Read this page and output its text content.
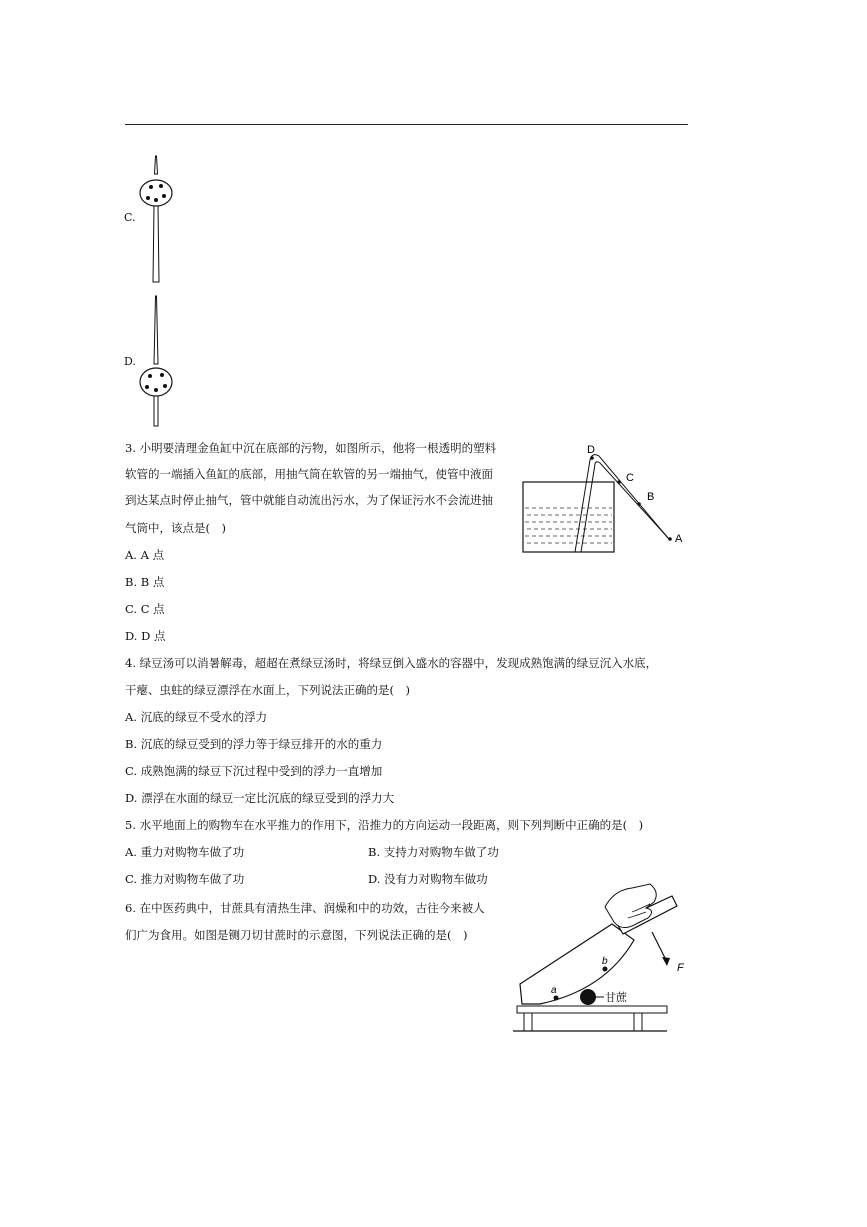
C.
D.
3. 小明要清理金鱼缸中沉在底部的污物，如图所示，他将一根透明的塑料
软管的一端插入鱼缸的底部，用抽气筒在软管的另一端抽气，使管中液面
到达某点时停止抽气，管中就能自动流出污水，为了保证污水不会流进抽
气筒中，该点是(　)
A. A 点
B. B 点
C. C 点
D. D 点
D
C
B
A
4. 绿豆汤可以消暑解毒，超超在煮绿豆汤时，将绿豆倒入盛水的容器中，发现成熟饱满的绿豆沉入水底，
干瘪、虫蛀的绿豆漂浮在水面上，下列说法正确的是(　)
A. 沉底的绿豆不受水的浮力
B. 沉底的绿豆受到的浮力等于绿豆排开的水的重力
C. 成熟饱满的绿豆下沉过程中受到的浮力一直增加
D. 漂浮在水面的绿豆一定比沉底的绿豆受到的浮力大
5. 水平地面上的购物车在水平推力的作用下，沿推力的方向运动一段距离，则下列判断中正确的是(　)
A. 重力对购物车做了功	B. 支持力对购物车做了功
C. 推力对购物车做了功	D. 没有力对购物车做功
6. 在中医药典中，甘蔗具有清热生津、润燥和中的功效，古往今来被人
们广为食用。如图是铡刀切甘蔗时的示意图，下列说法正确的是(　)
F
甘蔗
a
b
